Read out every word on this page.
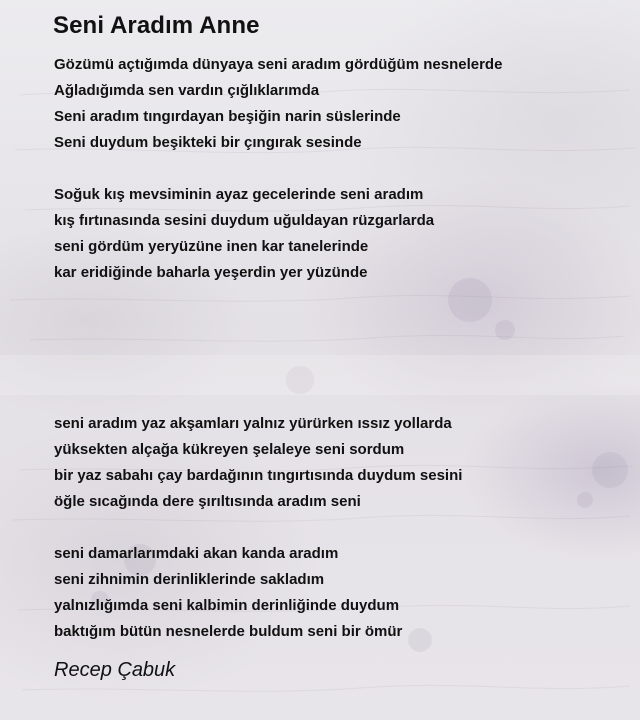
Seni Aradım Anne
Gözümü açtığımda dünyaya seni aradım gördüğüm nesnelerde
Ağladığımda sen vardın çığlıklarımda
Seni aradım tıngırdayan beşiğin narin süslerinde
Seni duydum beşikteki bir çıngırak sesinde
Soğuk kış mevsiminin ayaz gecelerinde seni aradım
kış fırtınasında sesini duydum uğuldayan rüzgarlarda
seni gördüm yeryüzüne inen kar tanelerinde
kar eridiğinde baharla yeşerdin yer yüzünde
seni aradım yaz akşamları yalnız yürürken ıssız yollarda
yüksekten alçağa kükreyen şelaleye seni sordum
bir yaz sabahı çay bardağının tıngırtısında duydum sesini
öğle sıcağında dere şırıltısında aradım seni
seni damarlarımdaki akan kanda aradım
seni zihnimin derinliklerinde sakladım
yalnızlığımda seni kalbimin derinliğinde duydum
baktığım bütün nesnelerde buldum seni bir ömür
Recep Çabuk
